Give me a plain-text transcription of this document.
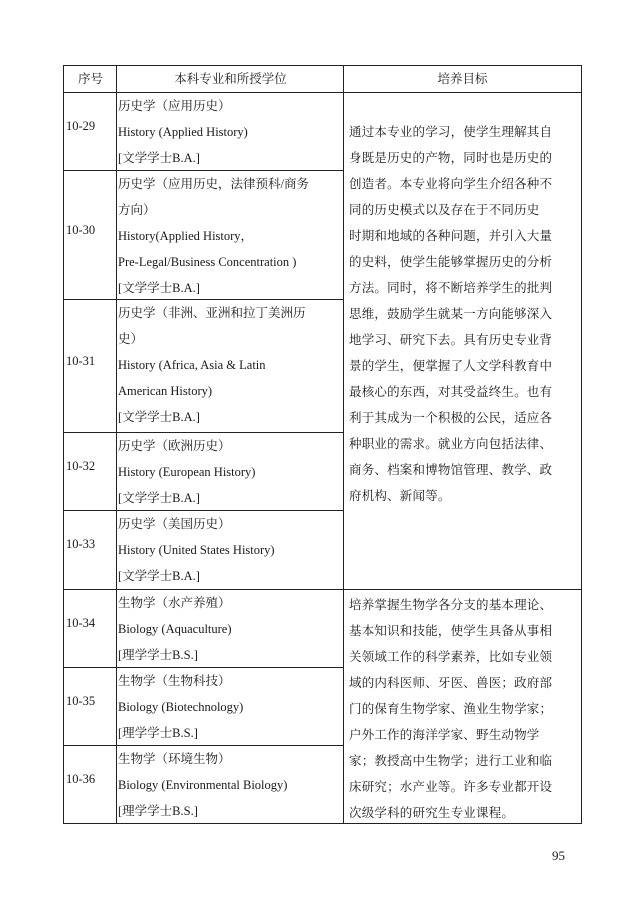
序号	本科专业和所授学位	培养目标
10-29
历史学（应用历史）
History (Applied History)
[文学学士B.A.]
10-30
历史学（应用历史，法律预科/商务
方向）
History(Applied History，
Pre-Legal/Business Concentration )
[文学学士B.A.]
10-31
历史学（非洲、亚洲和拉丁美洲历
史）
History (Africa, Asia & Latin
American History)
[文学学士B.A.]
10-32
历史学（欧洲历史）
History (European History)
[文学学士B.A.]
10-33
历史学（美国历史）
History (United States History)
[文学学士B.A.]
10-34
生物学（水产养殖）
Biology (Aquaculture)
[理学学士B.S.]
10-35
生物学（生物科技）
Biology (Biotechnology)
[理学学士B.S.]
10-36
生物学（环境生物）
Biology (Environmental Biology)
[理学学士B.S.]
通过本专业的学习，使学生理解其自
身既是历史的产物，同时也是历史的
创造者。本专业将向学生介绍各种不
同的历史模式以及存在于不同历史
时期和地域的各种问题，并引入大量
的史料，使学生能够掌握历史的分析
方法。同时，将不断培养学生的批判
思维，鼓励学生就某一方向能够深入
地学习、研究下去。具有历史专业背
景的学生，便掌握了人文学科教育中
最核心的东西，对其受益终生。也有
利于其成为一个积极的公民，适应各
种职业的需求。就业方向包括法律、
商务、档案和博物馆管理、教学、政
府机构、新闻等。
培养掌握生物学各分支的基本理论、
基本知识和技能，使学生具备从事相
关领域工作的科学素养，比如专业领
域的内科医师、牙医、兽医；政府部
门的保育生物学家、渔业生物学家；
户外工作的海洋学家、野生动物学
家；教授高中生物学；进行工业和临
床研究；水产业等。许多专业都开设
次级学科的研究生专业课程。
95
